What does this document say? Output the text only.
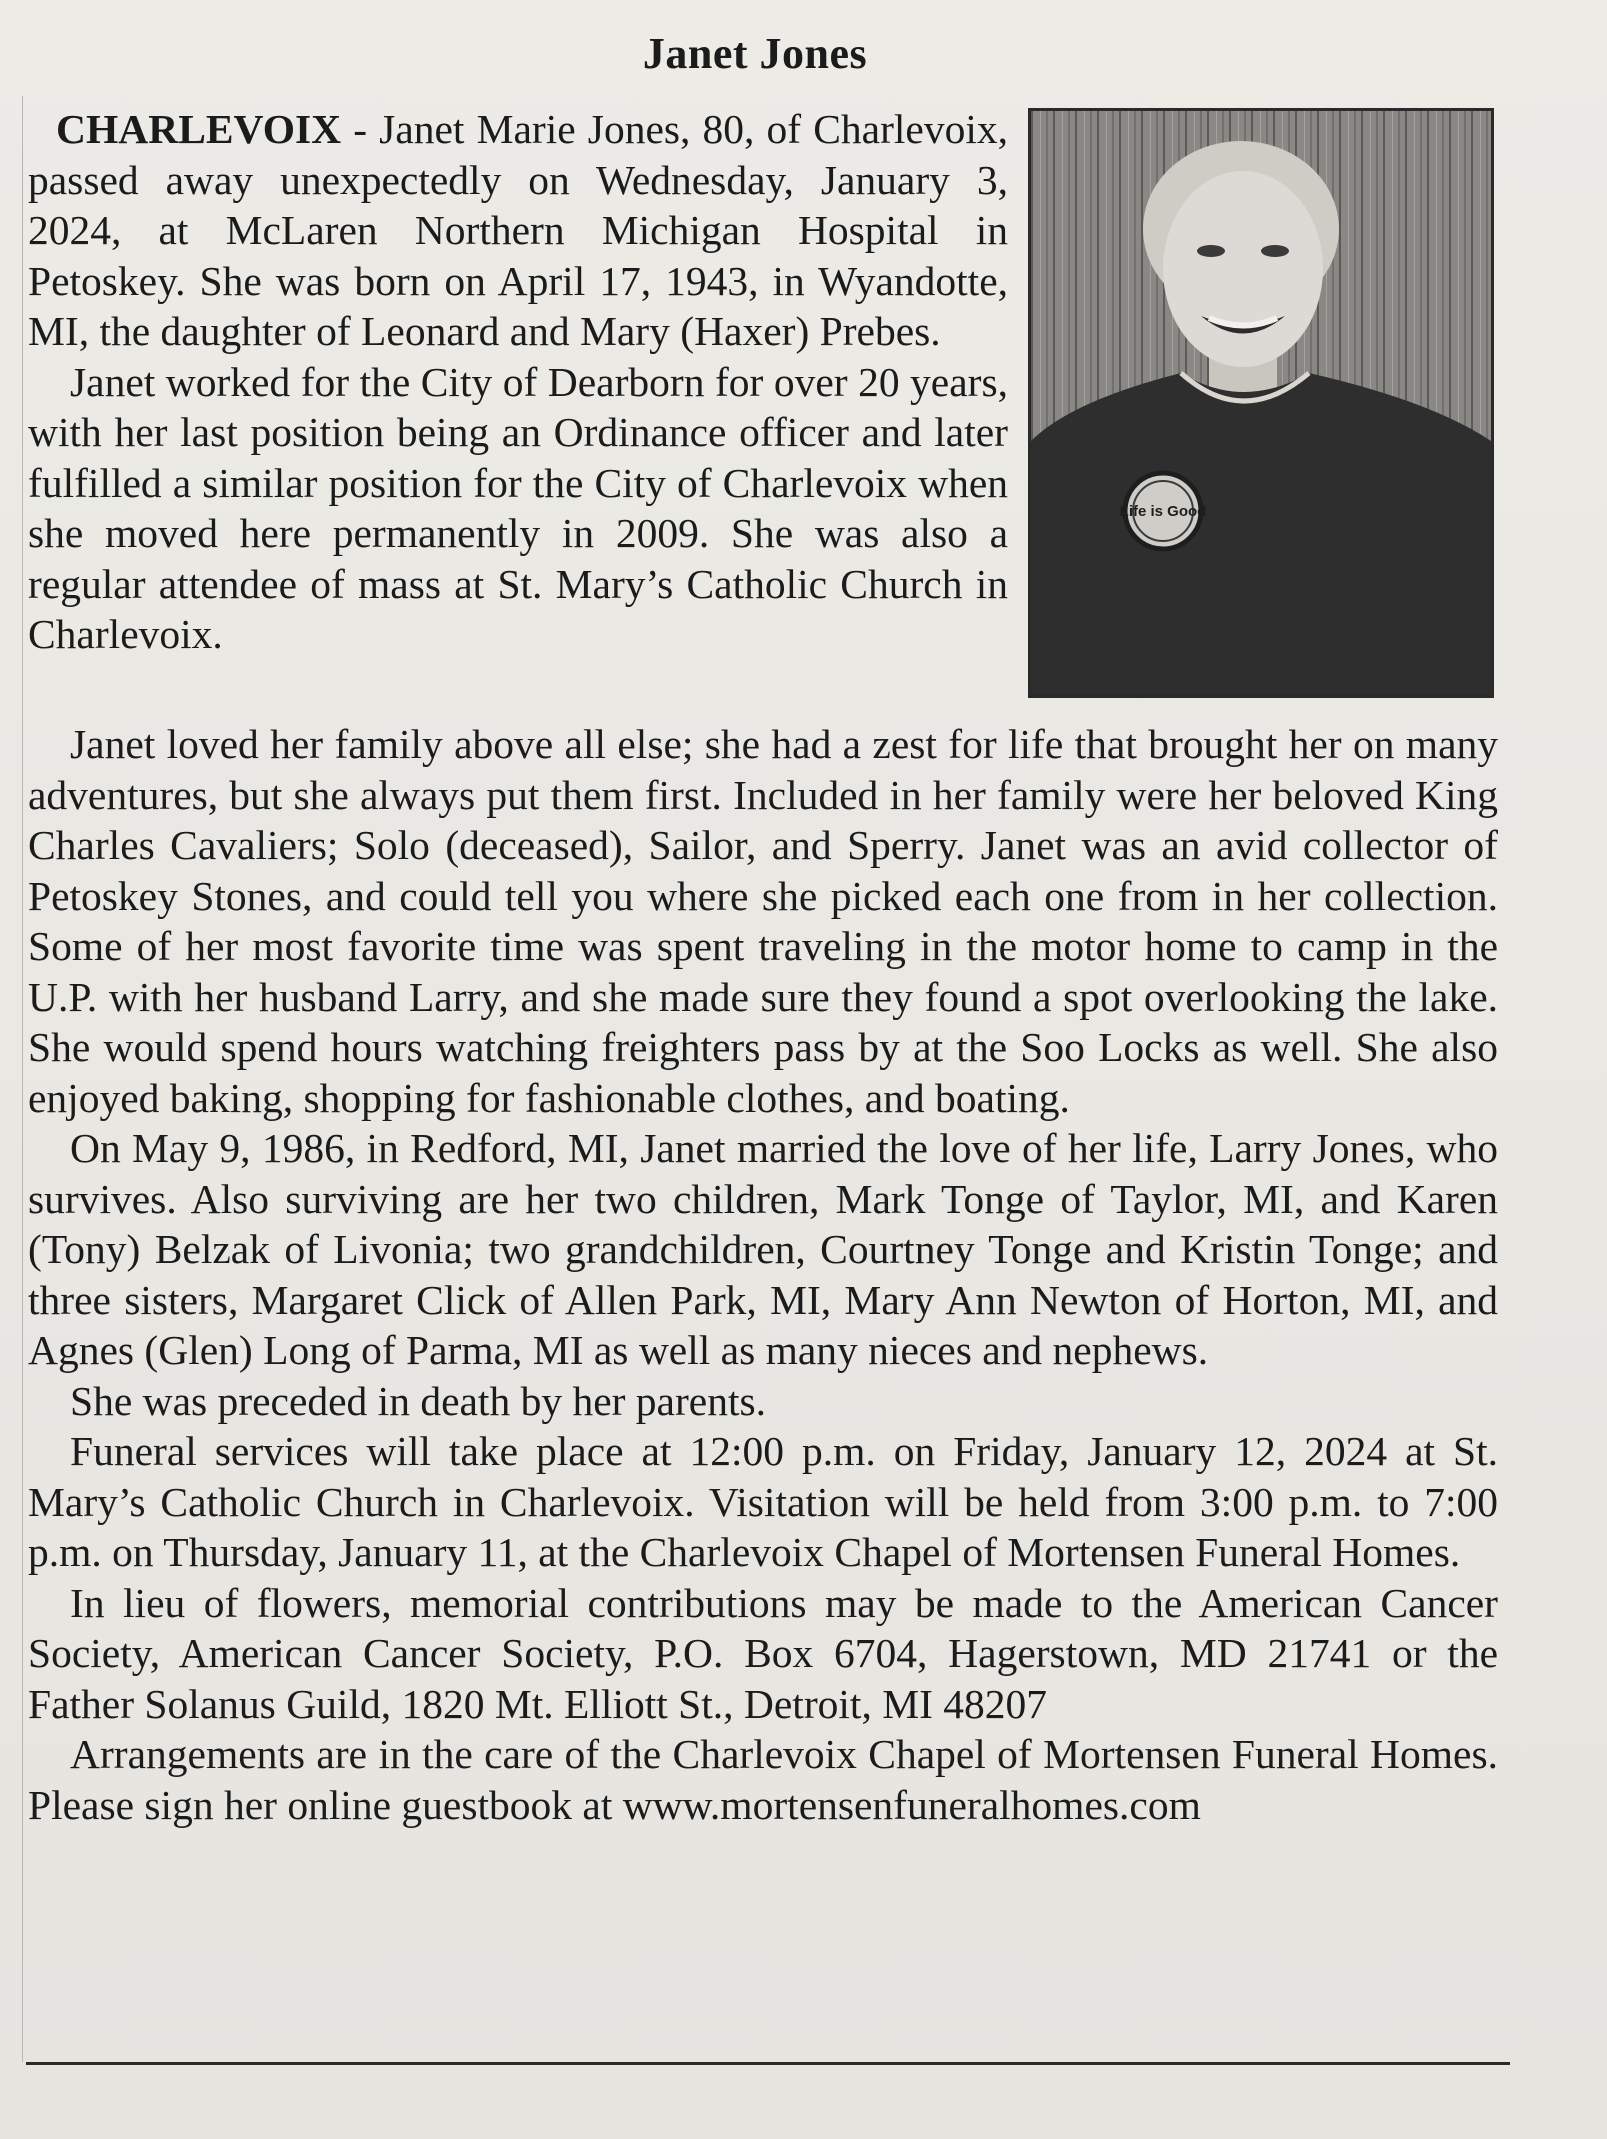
Janet Jones

CHARLEVOIX - Janet Marie Jones, 80, of Charlevoix, passed away unexpectedly on Wednesday, January 3, 2024, at McLaren Northern Michigan Hospital in Petoskey. She was born on April 17, 1943, in Wyandotte, MI, the daughter of Leonard and Mary (Haxer) Prebes.

Janet worked for the City of Dearborn for over 20 years, with her last position being an Ordinance officer and later fulfilled a similar position for the City of Charlevoix when she moved here permanently in 2009. She was also a regular attendee of mass at St. Mary’s Catholic Church in Charlevoix.

Life is Good

Janet loved her family above all else; she had a zest for life that brought her on many adventures, but she always put them first. Included in her family were her beloved King Charles Cavaliers; Solo (deceased), Sailor, and Sperry. Janet was an avid collector of Petoskey Stones, and could tell you where she picked each one from in her collection. Some of her most favorite time was spent traveling in the motor home to camp in the U.P. with her husband Larry, and she made sure they found a spot overlooking the lake. She would spend hours watching freighters pass by at the Soo Locks as well. She also enjoyed baking, shopping for fashionable clothes, and boating.

On May 9, 1986, in Redford, MI, Janet married the love of her life, Larry Jones, who survives. Also surviving are her two children, Mark Tonge of Taylor, MI, and Karen (Tony) Belzak of Livonia; two grandchildren, Courtney Tonge and Kristin Tonge; and three sisters, Margaret Click of Allen Park, MI, Mary Ann Newton of Horton, MI, and Agnes (Glen) Long of Parma, MI as well as many nieces and nephews.

She was preceded in death by her parents.

Funeral services will take place at 12:00 p.m. on Friday, January 12, 2024 at St. Mary’s Catholic Church in Charlevoix. Visitation will be held from 3:00 p.m. to 7:00 p.m. on Thursday, January 11, at the Charlevoix Chapel of Mortensen Funeral Homes.

In lieu of flowers, memorial contributions may be made to the American Cancer Society, American Cancer Society, P.O. Box 6704, Hagerstown, MD 21741 or the Father Solanus Guild, 1820 Mt. Elliott St., Detroit, MI 48207

Arrangements are in the care of the Charlevoix Chapel of Mortensen Funeral Homes. Please sign her online guestbook at www.mortensenfuneralhomes.com
